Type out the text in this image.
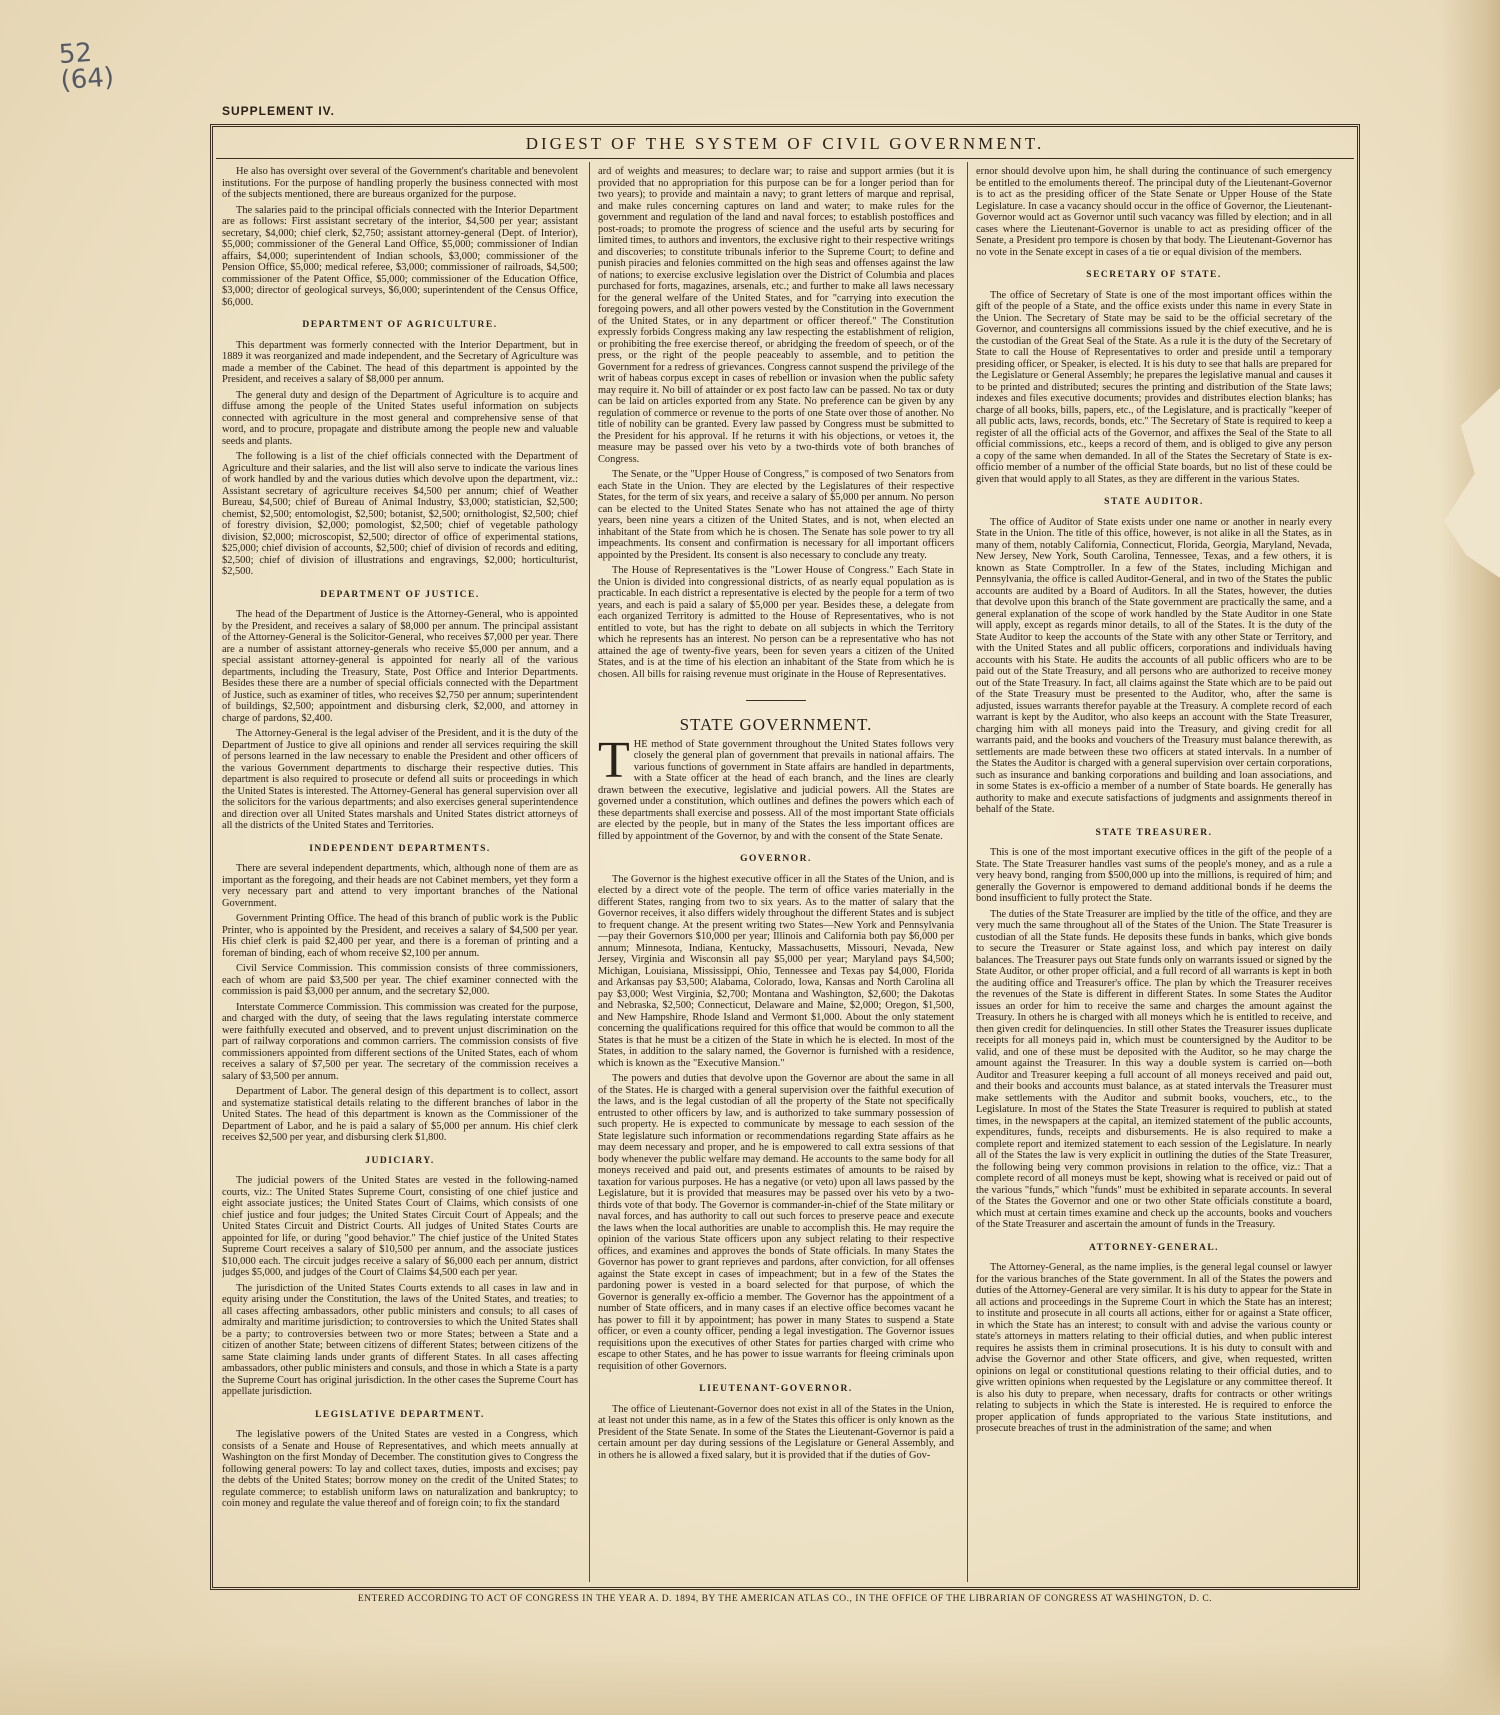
52 (64)
SUPPLEMENT IV.
DIGEST OF THE SYSTEM OF CIVIL GOVERNMENT.

He also has oversight over several of the Government's charitable and benevolent institutions. For the purpose of handling properly the business connected with most of the subjects mentioned, there are bureaus organized for the purpose.

The salaries paid to the principal officials connected with the Interior Department are as follows: First assistant secretary of the interior, $4,500 per year; assistant secretary, $4,000; chief clerk, $2,750; assistant attorney-general (Dept. of Interior), $5,000; commissioner of the General Land Office, $5,000; commissioner of Indian affairs, $4,000; superintendent of Indian schools, $3,000; commissioner of the Pension Office, $5,000; medical referee, $3,000; commissioner of railroads, $4,500; commissioner of the Patent Office, $5,000; commissioner of the Education Office, $3,000; director of geological surveys, $6,000; superintendent of the Census Office, $6,000.

DEPARTMENT OF AGRICULTURE.

This department was formerly connected with the Interior Department, but in 1889 it was reorganized and made independent, and the Secretary of Agriculture was made a member of the Cabinet. The head of this department is appointed by the President, and receives a salary of $8,000 per annum.

The general duty and design of the Department of Agriculture is to acquire and diffuse among the people of the United States useful information on subjects connected with agriculture in the most general and comprehensive sense of that word, and to procure, propagate and distribute among the people new and valuable seeds and plants.

The following is a list of the chief officials connected with the Department of Agriculture and their salaries, and the list will also serve to indicate the various lines of work handled by and the various duties which devolve upon the department, viz.: Assistant secretary of agriculture receives $4,500 per annum; chief of Weather Bureau, $4,500; chief of Bureau of Animal Industry, $3,000; statistician, $2,500; chemist, $2,500; entomologist, $2,500; botanist, $2,500; ornithologist, $2,500; chief of forestry division, $2,000; pomologist, $2,500; chief of vegetable pathology division, $2,000; microscopist, $2,500; director of office of experimental stations, $25,000; chief division of accounts, $2,500; chief of division of records and editing, $2,500; chief of division of illustrations and engravings, $2,000; horticulturist, $2,500.

DEPARTMENT OF JUSTICE.

The head of the Department of Justice is the Attorney-General, who is appointed by the President, and receives a salary of $8,000 per annum. The principal assistant of the Attorney-General is the Solicitor-General, who receives $7,000 per year. There are a number of assistant attorney-generals who receive $5,000 per annum, and a special assistant attorney-general is appointed for nearly all of the various departments, including the Treasury, State, Post Office and Interior Departments. Besides these there are a number of special officials connected with the Department of Justice, such as examiner of titles, who receives $2,750 per annum; superintendent of buildings, $2,500; appointment and disbursing clerk, $2,000, and attorney in charge of pardons, $2,400.

The Attorney-General is the legal adviser of the President, and it is the duty of the Department of Justice to give all opinions and render all services requiring the skill of persons learned in the law necessary to enable the President and other officers of the various Government departments to discharge their respective duties. This department is also required to prosecute or defend all suits or proceedings in which the United States is interested. The Attorney-General has general supervision over all the solicitors for the various departments; and also exercises general superintendence and direction over all United States marshals and United States district attorneys of all the districts of the United States and Territories.

INDEPENDENT DEPARTMENTS.

There are several independent departments, which, although none of them are as important as the foregoing, and their heads are not Cabinet members, yet they form a very necessary part and attend to very important branches of the National Government.

Government Printing Office. The head of this branch of public work is the Public Printer, who is appointed by the President, and receives a salary of $4,500 per year. His chief clerk is paid $2,400 per year, and there is a foreman of printing and a foreman of binding, each of whom receive $2,100 per annum.

Civil Service Commission. This commission consists of three commissioners, each of whom are paid $3,500 per year. The chief examiner connected with the commission is paid $3,000 per annum, and the secretary $2,000.

Interstate Commerce Commission. This commission was created for the purpose, and charged with the duty, of seeing that the laws regulating interstate commerce were faithfully executed and observed, and to prevent unjust discrimination on the part of railway corporations and common carriers. The commission consists of five commissioners appointed from different sections of the United States, each of whom receives a salary of $7,500 per year. The secretary of the commission receives a salary of $3,500 per annum.

Department of Labor. The general design of this department is to collect, assort and systematize statistical details relating to the different branches of labor in the United States. The head of this department is known as the Commissioner of the Department of Labor, and he is paid a salary of $5,000 per annum. His chief clerk receives $2,500 per year, and disbursing clerk $1,800.

JUDICIARY.

The judicial powers of the United States are vested in the following-named courts, viz.: The United States Supreme Court, consisting of one chief justice and eight associate justices; the United States Court of Claims, which consists of one chief justice and four judges; the United States Circuit Court of Appeals; and the United States Circuit and District Courts. All judges of United States Courts are appointed for life, or during "good behavior." The chief justice of the United States Supreme Court receives a salary of $10,500 per annum, and the associate justices $10,000 each. The circuit judges receive a salary of $6,000 each per annum, district judges $5,000, and judges of the Court of Claims $4,500 each per year.

The jurisdiction of the United States Courts extends to all cases in law and in equity arising under the Constitution, the laws of the United States, and treaties; to all cases affecting ambassadors, other public ministers and consuls; to all cases of admiralty and maritime jurisdiction; to controversies to which the United States shall be a party; to controversies between two or more States; between a State and a citizen of another State; between citizens of different States; between citizens of the same State claiming lands under grants of different States. In all cases affecting ambassadors, other public ministers and consuls, and those in which a State is a party the Supreme Court has original jurisdiction. In the other cases the Supreme Court has appellate jurisdiction.

LEGISLATIVE DEPARTMENT.

The legislative powers of the United States are vested in a Congress, which consists of a Senate and House of Representatives, and which meets annually at Washington on the first Monday of December. The constitution gives to Congress the following general powers: To lay and collect taxes, duties, imposts and excises; pay the debts of the United States; borrow money on the credit of the United States; to regulate commerce; to establish uniform laws on naturalization and bankruptcy; to coin money and regulate the value thereof and of foreign coin; to fix the standard

ard of weights and measures; to declare war; to raise and support armies (but it is provided that no appropriation for this purpose can be for a longer period than for two years); to provide and maintain a navy; to grant letters of marque and reprisal, and make rules concerning captures on land and water; to make rules for the government and regulation of the land and naval forces; to establish postoffices and post-roads; to promote the progress of science and the useful arts by securing for limited times, to authors and inventors, the exclusive right to their respective writings and discoveries; to constitute tribunals inferior to the Supreme Court; to define and punish piracies and felonies committed on the high seas and offenses against the law of nations; to exercise exclusive legislation over the District of Columbia and places purchased for forts, magazines, arsenals, etc.; and further to make all laws necessary for the general welfare of the United States, and for "carrying into execution the foregoing powers, and all other powers vested by the Constitution in the Government of the United States, or in any department or officer thereof." The Constitution expressly forbids Congress making any law respecting the establishment of religion, or prohibiting the free exercise thereof, or abridging the freedom of speech, or of the press, or the right of the people peaceably to assemble, and to petition the Government for a redress of grievances. Congress cannot suspend the privilege of the writ of habeas corpus except in cases of rebellion or invasion when the public safety may require it. No bill of attainder or ex post facto law can be passed. No tax or duty can be laid on articles exported from any State. No preference can be given by any regulation of commerce or revenue to the ports of one State over those of another. No title of nobility can be granted. Every law passed by Congress must be submitted to the President for his approval. If he returns it with his objections, or vetoes it, the measure may be passed over his veto by a two-thirds vote of both branches of Congress.

The Senate, or the "Upper House of Congress," is composed of two Senators from each State in the Union. They are elected by the Legislatures of their respective States, for the term of six years, and receive a salary of $5,000 per annum. No person can be elected to the United States Senate who has not attained the age of thirty years, been nine years a citizen of the United States, and is not, when elected an inhabitant of the State from which he is chosen. The Senate has sole power to try all impeachments. Its consent and confirmation is necessary for all important officers appointed by the President. Its consent is also necessary to conclude any treaty.

The House of Representatives is the "Lower House of Congress." Each State in the Union is divided into congressional districts, of as nearly equal population as is practicable. In each district a representative is elected by the people for a term of two years, and each is paid a salary of $5,000 per year. Besides these, a delegate from each organized Territory is admitted to the House of Representatives, who is not entitled to vote, but has the right to debate on all subjects in which the Territory which he represents has an interest. No person can be a representative who has not attained the age of twenty-five years, been for seven years a citizen of the United States, and is at the time of his election an inhabitant of the State from which he is chosen. All bills for raising revenue must originate in the House of Representatives.

STATE GOVERNMENT.

THE method of State government throughout the United States follows very closely the general plan of government that prevails in national affairs. The various functions of government in State affairs are handled in departments, with a State officer at the head of each branch, and the lines are clearly drawn between the executive, legislative and judicial powers. All the States are governed under a constitution, which outlines and defines the powers which each of these departments shall exercise and possess. All of the most important State officials are elected by the people, but in many of the States the less important offices are filled by appointment of the Governor, by and with the consent of the State Senate.

GOVERNOR.

The Governor is the highest executive officer in all the States of the Union, and is elected by a direct vote of the people. The term of office varies materially in the different States, ranging from two to six years. As to the matter of salary that the Governor receives, it also differs widely throughout the different States and is subject to frequent change. At the present writing two States—New York and Pennsylvania—pay their Governors $10,000 per year; Illinois and California both pay $6,000 per annum; Minnesota, Indiana, Kentucky, Massachusetts, Missouri, Nevada, New Jersey, Virginia and Wisconsin all pay $5,000 per year; Maryland pays $4,500; Michigan, Louisiana, Mississippi, Ohio, Tennessee and Texas pay $4,000, Florida and Arkansas pay $3,500; Alabama, Colorado, Iowa, Kansas and North Carolina all pay $3,000; West Virginia, $2,700; Montana and Washington, $2,600; the Dakotas and Nebraska, $2,500; Connecticut, Delaware and Maine, $2,000; Oregon, $1,500, and New Hampshire, Rhode Island and Vermont $1,000. About the only statement concerning the qualifications required for this office that would be common to all the States is that he must be a citizen of the State in which he is elected. In most of the States, in addition to the salary named, the Governor is furnished with a residence, which is known as the "Executive Mansion."

The powers and duties that devolve upon the Governor are about the same in all of the States. He is charged with a general supervision over the faithful execution of the laws, and is the legal custodian of all the property of the State not specifically entrusted to other officers by law, and is authorized to take summary possession of such property. He is expected to communicate by message to each session of the State legislature such information or recommendations regarding State affairs as he may deem necessary and proper, and he is empowered to call extra sessions of that body whenever the public welfare may demand. He accounts to the same body for all moneys received and paid out, and presents estimates of amounts to be raised by taxation for various purposes. He has a negative (or veto) upon all laws passed by the Legislature, but it is provided that measures may be passed over his veto by a two-thirds vote of that body. The Governor is commander-in-chief of the State military or naval forces, and has authority to call out such forces to preserve peace and execute the laws when the local authorities are unable to accomplish this. He may require the opinion of the various State officers upon any subject relating to their respective offices, and examines and approves the bonds of State officials. In many States the Governor has power to grant reprieves and pardons, after conviction, for all offenses against the State except in cases of impeachment; but in a few of the States the pardoning power is vested in a board selected for that purpose, of which the Governor is generally ex-officio a member. The Governor has the appointment of a number of State officers, and in many cases if an elective office becomes vacant he has power to fill it by appointment; has power in many States to suspend a State officer, or even a county officer, pending a legal investigation. The Governor issues requisitions upon the executives of other States for parties charged with crime who escape to other States, and he has power to issue warrants for fleeing criminals upon requisition of other Governors.

LIEUTENANT-GOVERNOR.

The office of Lieutenant-Governor does not exist in all of the States in the Union, at least not under this name, as in a few of the States this officer is only known as the President of the State Senate. In some of the States the Lieutenant-Governor is paid a certain amount per day during sessions of the Legislature or General Assembly, and in others he is allowed a fixed salary, but it is provided that if the duties of Gov-

ernor should devolve upon him, he shall during the continuance of such emergency be entitled to the emoluments thereof. The principal duty of the Lieutenant-Governor is to act as the presiding officer of the State Senate or Upper House of the State Legislature. In case a vacancy should occur in the office of Governor, the Lieutenant-Governor would act as Governor until such vacancy was filled by election; and in all cases where the Lieutenant-Governor is unable to act as presiding officer of the Senate, a President pro tempore is chosen by that body. The Lieutenant-Governor has no vote in the Senate except in cases of a tie or equal division of the members.

SECRETARY OF STATE.

The office of Secretary of State is one of the most important offices within the gift of the people of a State, and the office exists under this name in every State in the Union. The Secretary of State may be said to be the official secretary of the Governor, and countersigns all commissions issued by the chief executive, and he is the custodian of the Great Seal of the State. As a rule it is the duty of the Secretary of State to call the House of Representatives to order and preside until a temporary presiding officer, or Speaker, is elected. It is his duty to see that halls are prepared for the Legislature or General Assembly; he prepares the legislative manual and causes it to be printed and distributed; secures the printing and distribution of the State laws; indexes and files executive documents; provides and distributes election blanks; has charge of all books, bills, papers, etc., of the Legislature, and is practically "keeper of all public acts, laws, records, bonds, etc." The Secretary of State is required to keep a register of all the official acts of the Governor, and affixes the Seal of the State to all official commissions, etc., keeps a record of them, and is obliged to give any person a copy of the same when demanded. In all of the States the Secretary of State is ex-officio member of a number of the official State boards, but no list of these could be given that would apply to all States, as they are different in the various States.

STATE AUDITOR.

The office of Auditor of State exists under one name or another in nearly every State in the Union. The title of this office, however, is not alike in all the States, as in many of them, notably California, Connecticut, Florida, Georgia, Maryland, Nevada, New Jersey, New York, South Carolina, Tennessee, Texas, and a few others, it is known as State Comptroller. In a few of the States, including Michigan and Pennsylvania, the office is called Auditor-General, and in two of the States the public accounts are audited by a Board of Auditors. In all the States, however, the duties that devolve upon this branch of the State government are practically the same, and a general explanation of the scope of work handled by the State Auditor in one State will apply, except as regards minor details, to all of the States. It is the duty of the State Auditor to keep the accounts of the State with any other State or Territory, and with the United States and all public officers, corporations and individuals having accounts with his State. He audits the accounts of all public officers who are to be paid out of the State Treasury, and all persons who are authorized to receive money out of the State Treasury. In fact, all claims against the State which are to be paid out of the State Treasury must be presented to the Auditor, who, after the same is adjusted, issues warrants therefor payable at the Treasury. A complete record of each warrant is kept by the Auditor, who also keeps an account with the State Treasurer, charging him with all moneys paid into the Treasury, and giving credit for all warrants paid, and the books and vouchers of the Treasury must balance therewith, as settlements are made between these two officers at stated intervals. In a number of the States the Auditor is charged with a general supervision over certain corporations, such as insurance and banking corporations and building and loan associations, and in some States is ex-officio a member of a number of State boards. He generally has authority to make and execute satisfactions of judgments and assignments thereof in behalf of the State.

STATE TREASURER.

This is one of the most important executive offices in the gift of the people of a State. The State Treasurer handles vast sums of the people's money, and as a rule a very heavy bond, ranging from $500,000 up into the millions, is required of him; and generally the Governor is empowered to demand additional bonds if he deems the bond insufficient to fully protect the State.

The duties of the State Treasurer are implied by the title of the office, and they are very much the same throughout all of the States of the Union. The State Treasurer is custodian of all the State funds. He deposits these funds in banks, which give bonds to secure the Treasurer or State against loss, and which pay interest on daily balances. The Treasurer pays out State funds only on warrants issued or signed by the State Auditor, or other proper official, and a full record of all warrants is kept in both the auditing office and Treasurer's office. The plan by which the Treasurer receives the revenues of the State is different in different States. In some States the Auditor issues an order for him to receive the same and charges the amount against the Treasury. In others he is charged with all moneys which he is entitled to receive, and then given credit for delinquencies. In still other States the Treasurer issues duplicate receipts for all moneys paid in, which must be countersigned by the Auditor to be valid, and one of these must be deposited with the Auditor, so he may charge the amount against the Treasurer. In this way a double system is carried on—both Auditor and Treasurer keeping a full account of all moneys received and paid out, and their books and accounts must balance, as at stated intervals the Treasurer must make settlements with the Auditor and submit books, vouchers, etc., to the Legislature. In most of the States the State Treasurer is required to publish at stated times, in the newspapers at the capital, an itemized statement of the public accounts, expenditures, funds, receipts and disbursements. He is also required to make a complete report and itemized statement to each session of the Legislature. In nearly all of the States the law is very explicit in outlining the duties of the State Treasurer, the following being very common provisions in relation to the office, viz.: That a complete record of all moneys must be kept, showing what is received or paid out of the various "funds," which "funds" must be exhibited in separate accounts. In several of the States the Governor and one or two other State officials constitute a board, which must at certain times examine and check up the accounts, books and vouchers of the State Treasurer and ascertain the amount of funds in the Treasury.

ATTORNEY-GENERAL.

The Attorney-General, as the name implies, is the general legal counsel or lawyer for the various branches of the State government. In all of the States the powers and duties of the Attorney-General are very similar. It is his duty to appear for the State in all actions and proceedings in the Supreme Court in which the State has an interest; to institute and prosecute in all courts all actions, either for or against a State officer, in which the State has an interest; to consult with and advise the various county or state's attorneys in matters relating to their official duties, and when public interest requires he assists them in criminal prosecutions. It is his duty to consult with and advise the Governor and other State officers, and give, when requested, written opinions on legal or constitutional questions relating to their official duties, and to give written opinions when requested by the Legislature or any committee thereof. It is also his duty to prepare, when necessary, drafts for contracts or other writings relating to subjects in which the State is interested. He is required to enforce the proper application of funds appropriated to the various State institutions, and prosecute breaches of trust in the administration of the same; and when

ENTERED ACCORDING TO ACT OF CONGRESS IN THE YEAR A. D. 1894, BY THE AMERICAN ATLAS CO., IN THE OFFICE OF THE LIBRARIAN OF CONGRESS AT WASHINGTON, D. C.
